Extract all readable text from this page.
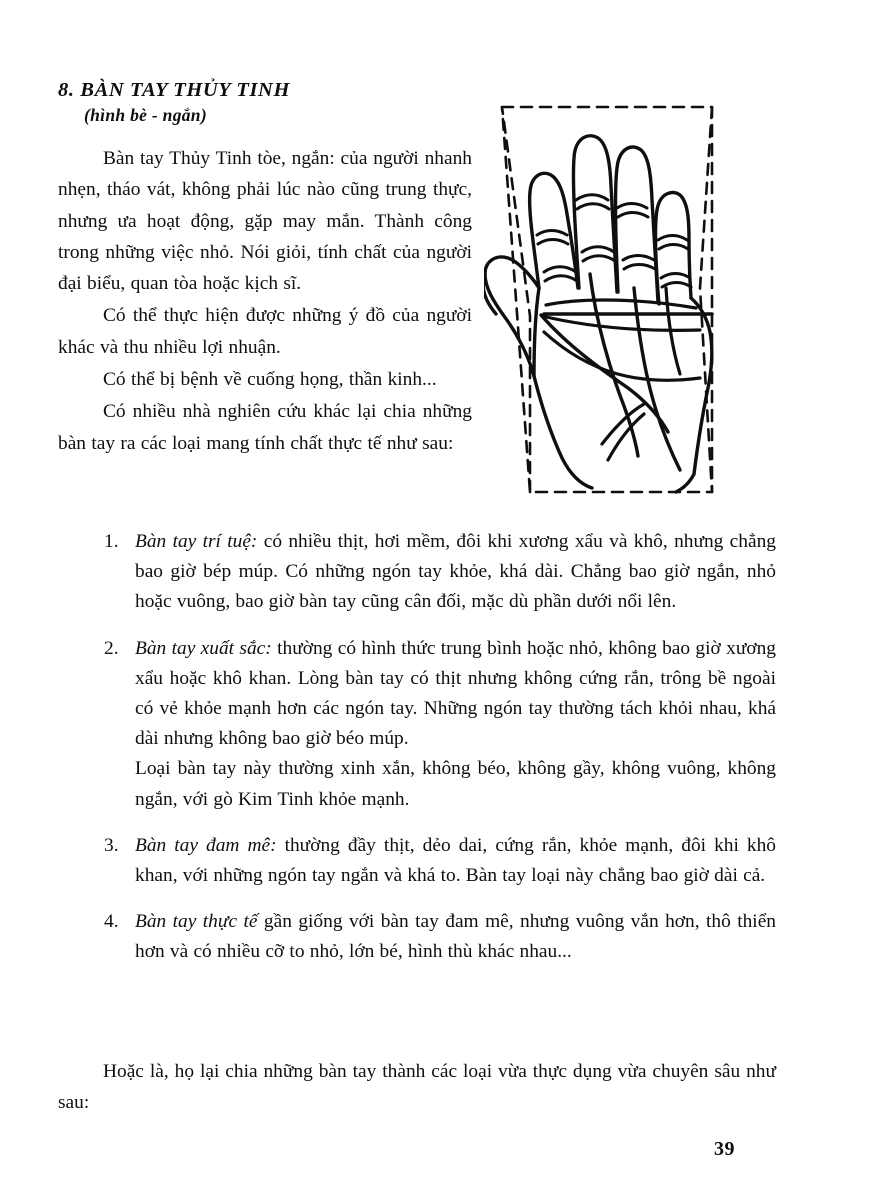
8. BÀN TAY THỦY TINH
(hình bè - ngắn)

Bàn tay Thủy Tinh tòe, ngắn: của người nhanh nhẹn, tháo vát, không phải lúc nào cũng trung thực, nhưng ưa hoạt động, gặp may mắn. Thành công trong những việc nhỏ. Nói giỏi, tính chất của người đại biểu, quan tòa hoặc kịch sĩ.

Có thể thực hiện được những ý đồ của người khác và thu nhiều lợi nhuận.

Có thể bị bệnh về cuống họng, thần kinh...

Có nhiều nhà nghiên cứu khác lại chia những bàn tay ra các loại mang tính chất thực tế như sau:

1. Bàn tay trí tuệ: có nhiều thịt, hơi mềm, đôi khi xương xẩu và khô, nhưng chẳng bao giờ bép múp. Có những ngón tay khỏe, khá dài. Chẳng bao giờ ngắn, nhỏ hoặc vuông, bao giờ bàn tay cũng cân đối, mặc dù phần dưới nổi lên.
2. Bàn tay xuất sắc: thường có hình thức trung bình hoặc nhỏ, không bao giờ xương xẩu hoặc khô khan. Lòng bàn tay có thịt nhưng không cứng rắn, trông bề ngoài có vẻ khỏe mạnh hơn các ngón tay. Những ngón tay thường tách khỏi nhau, khá dài nhưng không bao giờ béo múp.
Loại bàn tay này thường xinh xắn, không béo, không gầy, không vuông, không ngắn, với gò Kim Tinh khỏe mạnh.
3. Bàn tay đam mê: thường đầy thịt, dẻo dai, cứng rắn, khỏe mạnh, đôi khi khô khan, với những ngón tay ngắn và khá to. Bàn tay loại này chẳng bao giờ dài cả.
4. Bàn tay thực tế gần giống với bàn tay đam mê, nhưng vuông vắn hơn, thô thiển hơn và có nhiều cỡ to nhỏ, lớn bé, hình thù khác nhau...

Hoặc là, họ lại chia những bàn tay thành các loại vừa thực dụng vừa chuyên sâu như sau:

39
